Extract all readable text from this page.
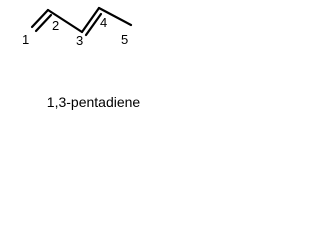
1
2
3
4
5
1,3-pentadiene
